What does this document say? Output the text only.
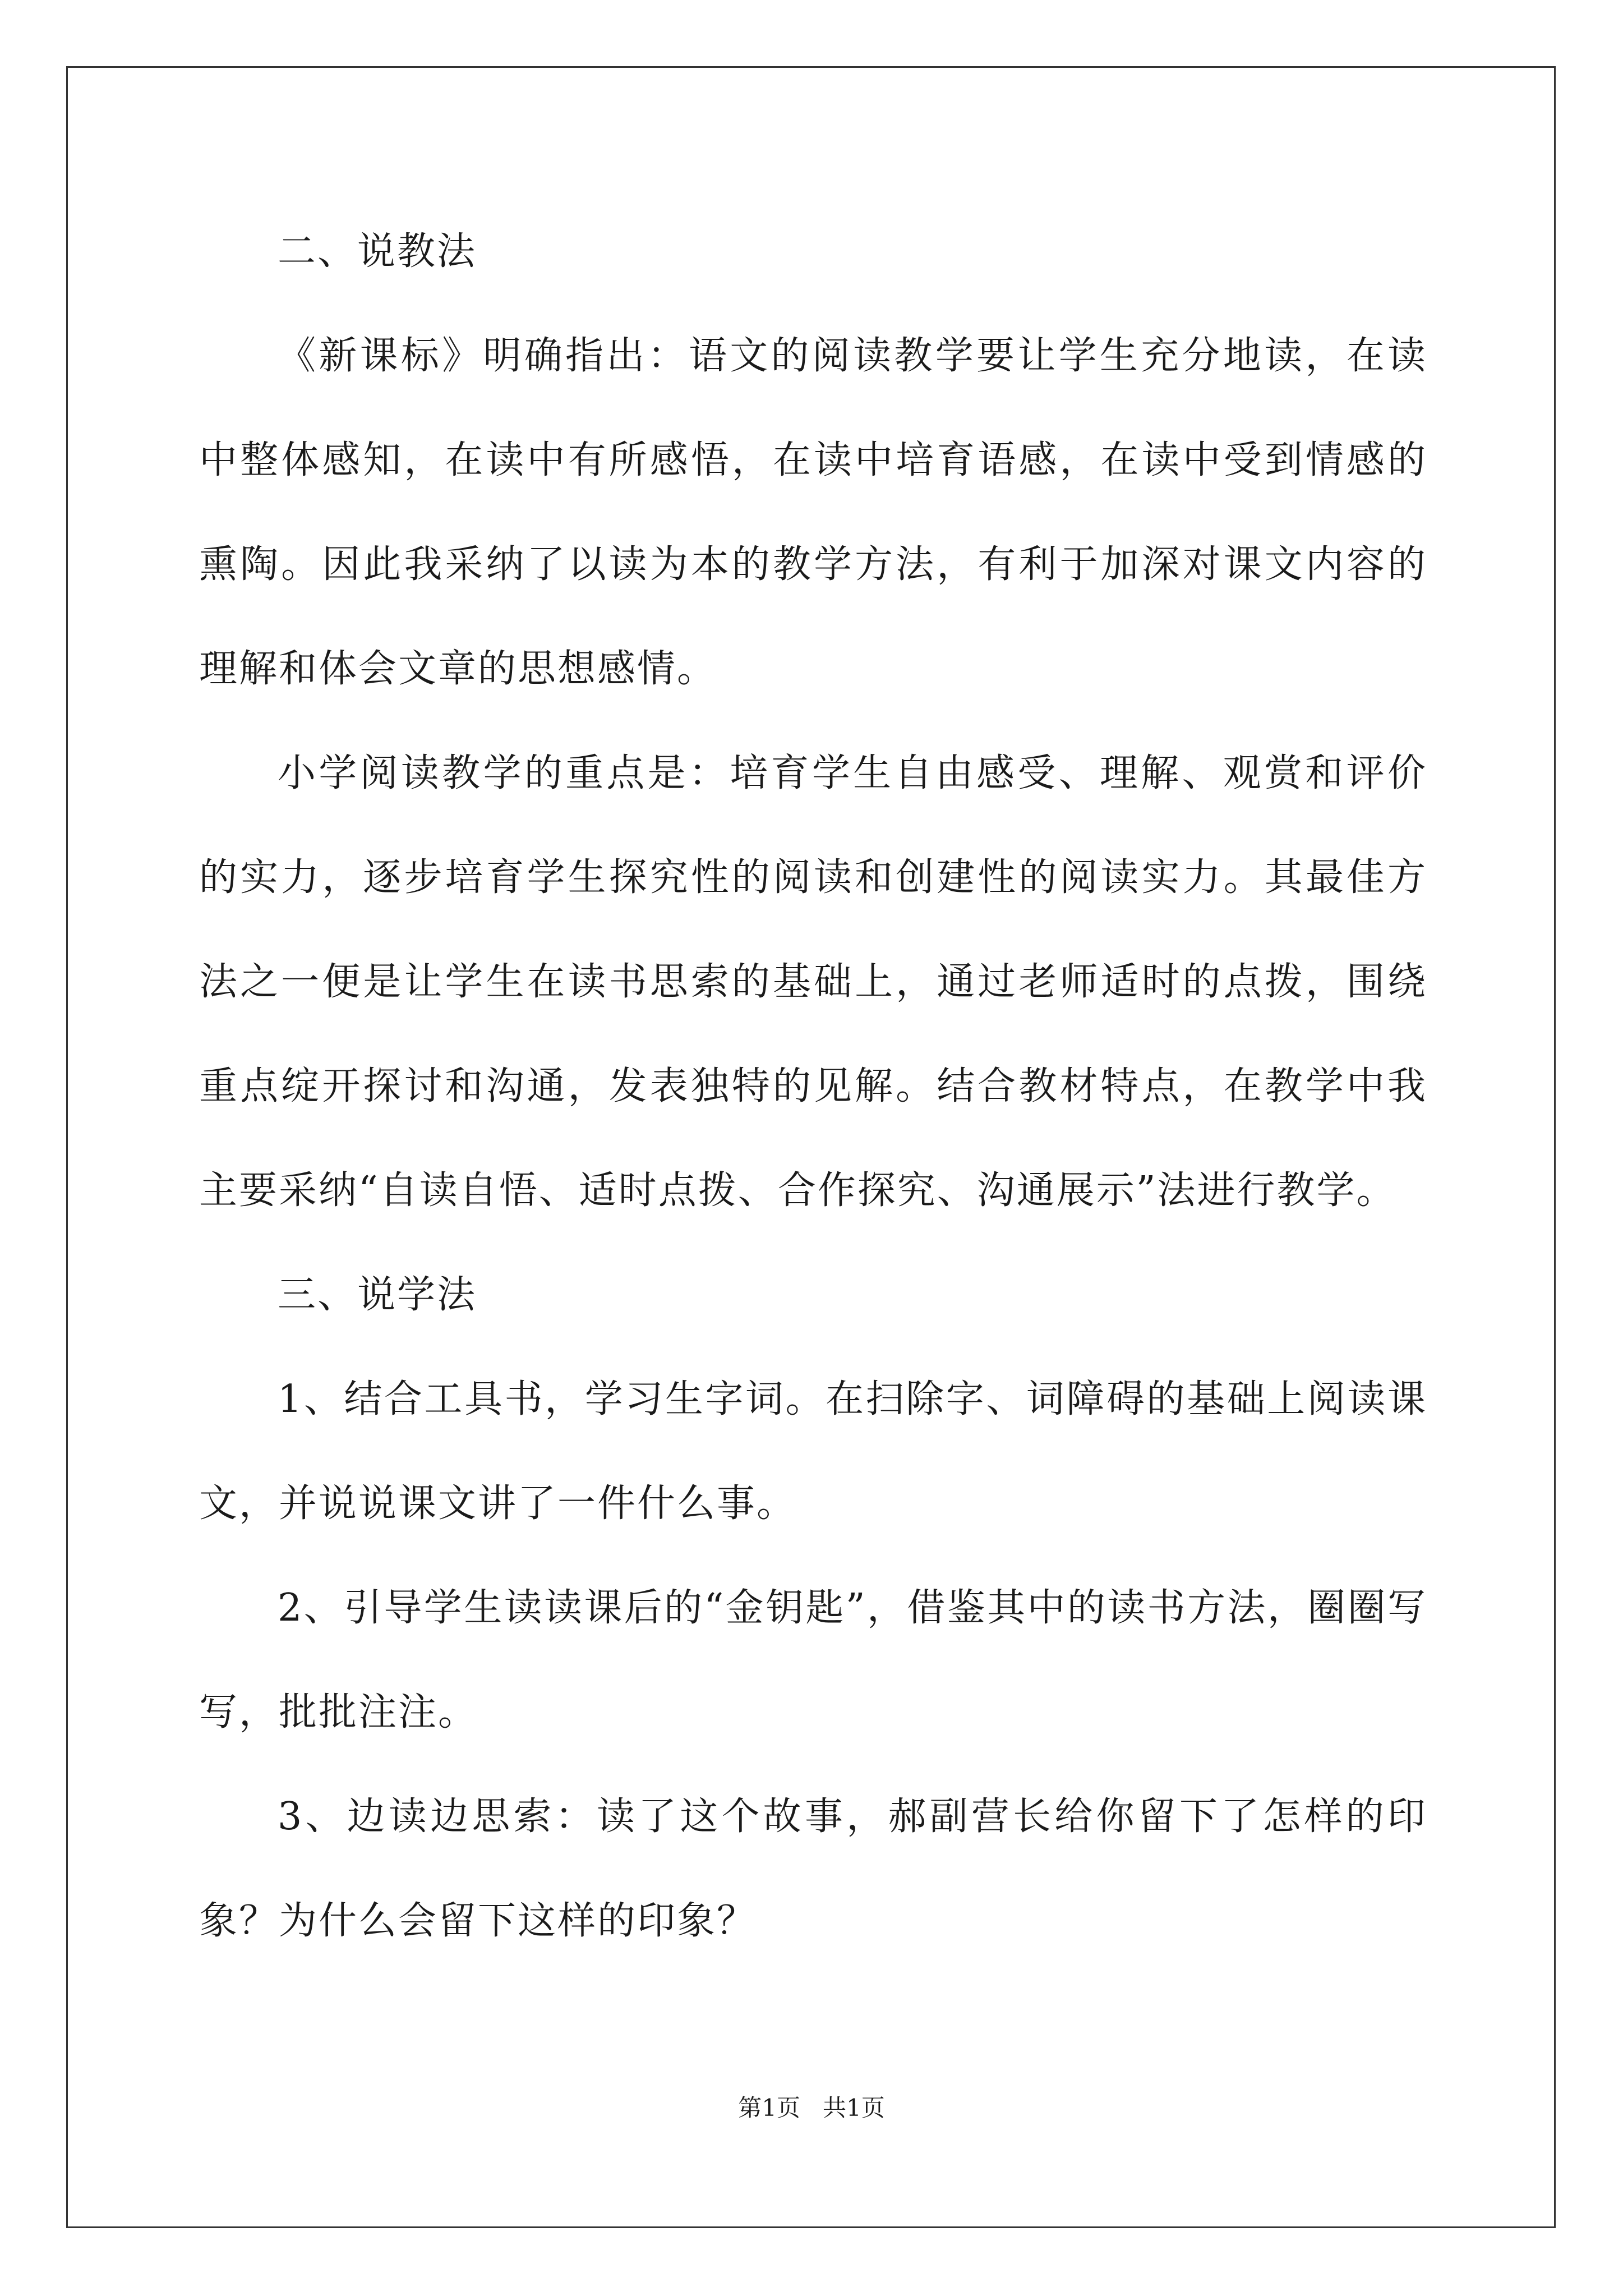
二、说教法

《新课标》明确指出：语文的阅读教学要让学生充分地读，在读中整体感知，在读中有所感悟，在读中培育语感，在读中受到情感的熏陶。因此我采纳了以读为本的教学方法，有利于加深对课文内容的理解和体会文章的思想感情。

小学阅读教学的重点是：培育学生自由感受、理解、观赏和评价的实力，逐步培育学生探究性的阅读和创建性的阅读实力。其最佳方法之一便是让学生在读书思索的基础上，通过老师适时的点拨，围绕重点绽开探讨和沟通，发表独特的见解。结合教材特点，在教学中我主要采纳“自读自悟、适时点拨、合作探究、沟通展示”法进行教学。

三、说学法

1、结合工具书，学习生字词。在扫除字、词障碍的基础上阅读课文，并说说课文讲了一件什么事。

2、引导学生读读课后的“金钥匙”，借鉴其中的读书方法，圈圈写写，批批注注。

3、边读边思索：读了这个故事，郝副营长给你留下了怎样的印象？为什么会留下这样的印象？

第1页 共1页
